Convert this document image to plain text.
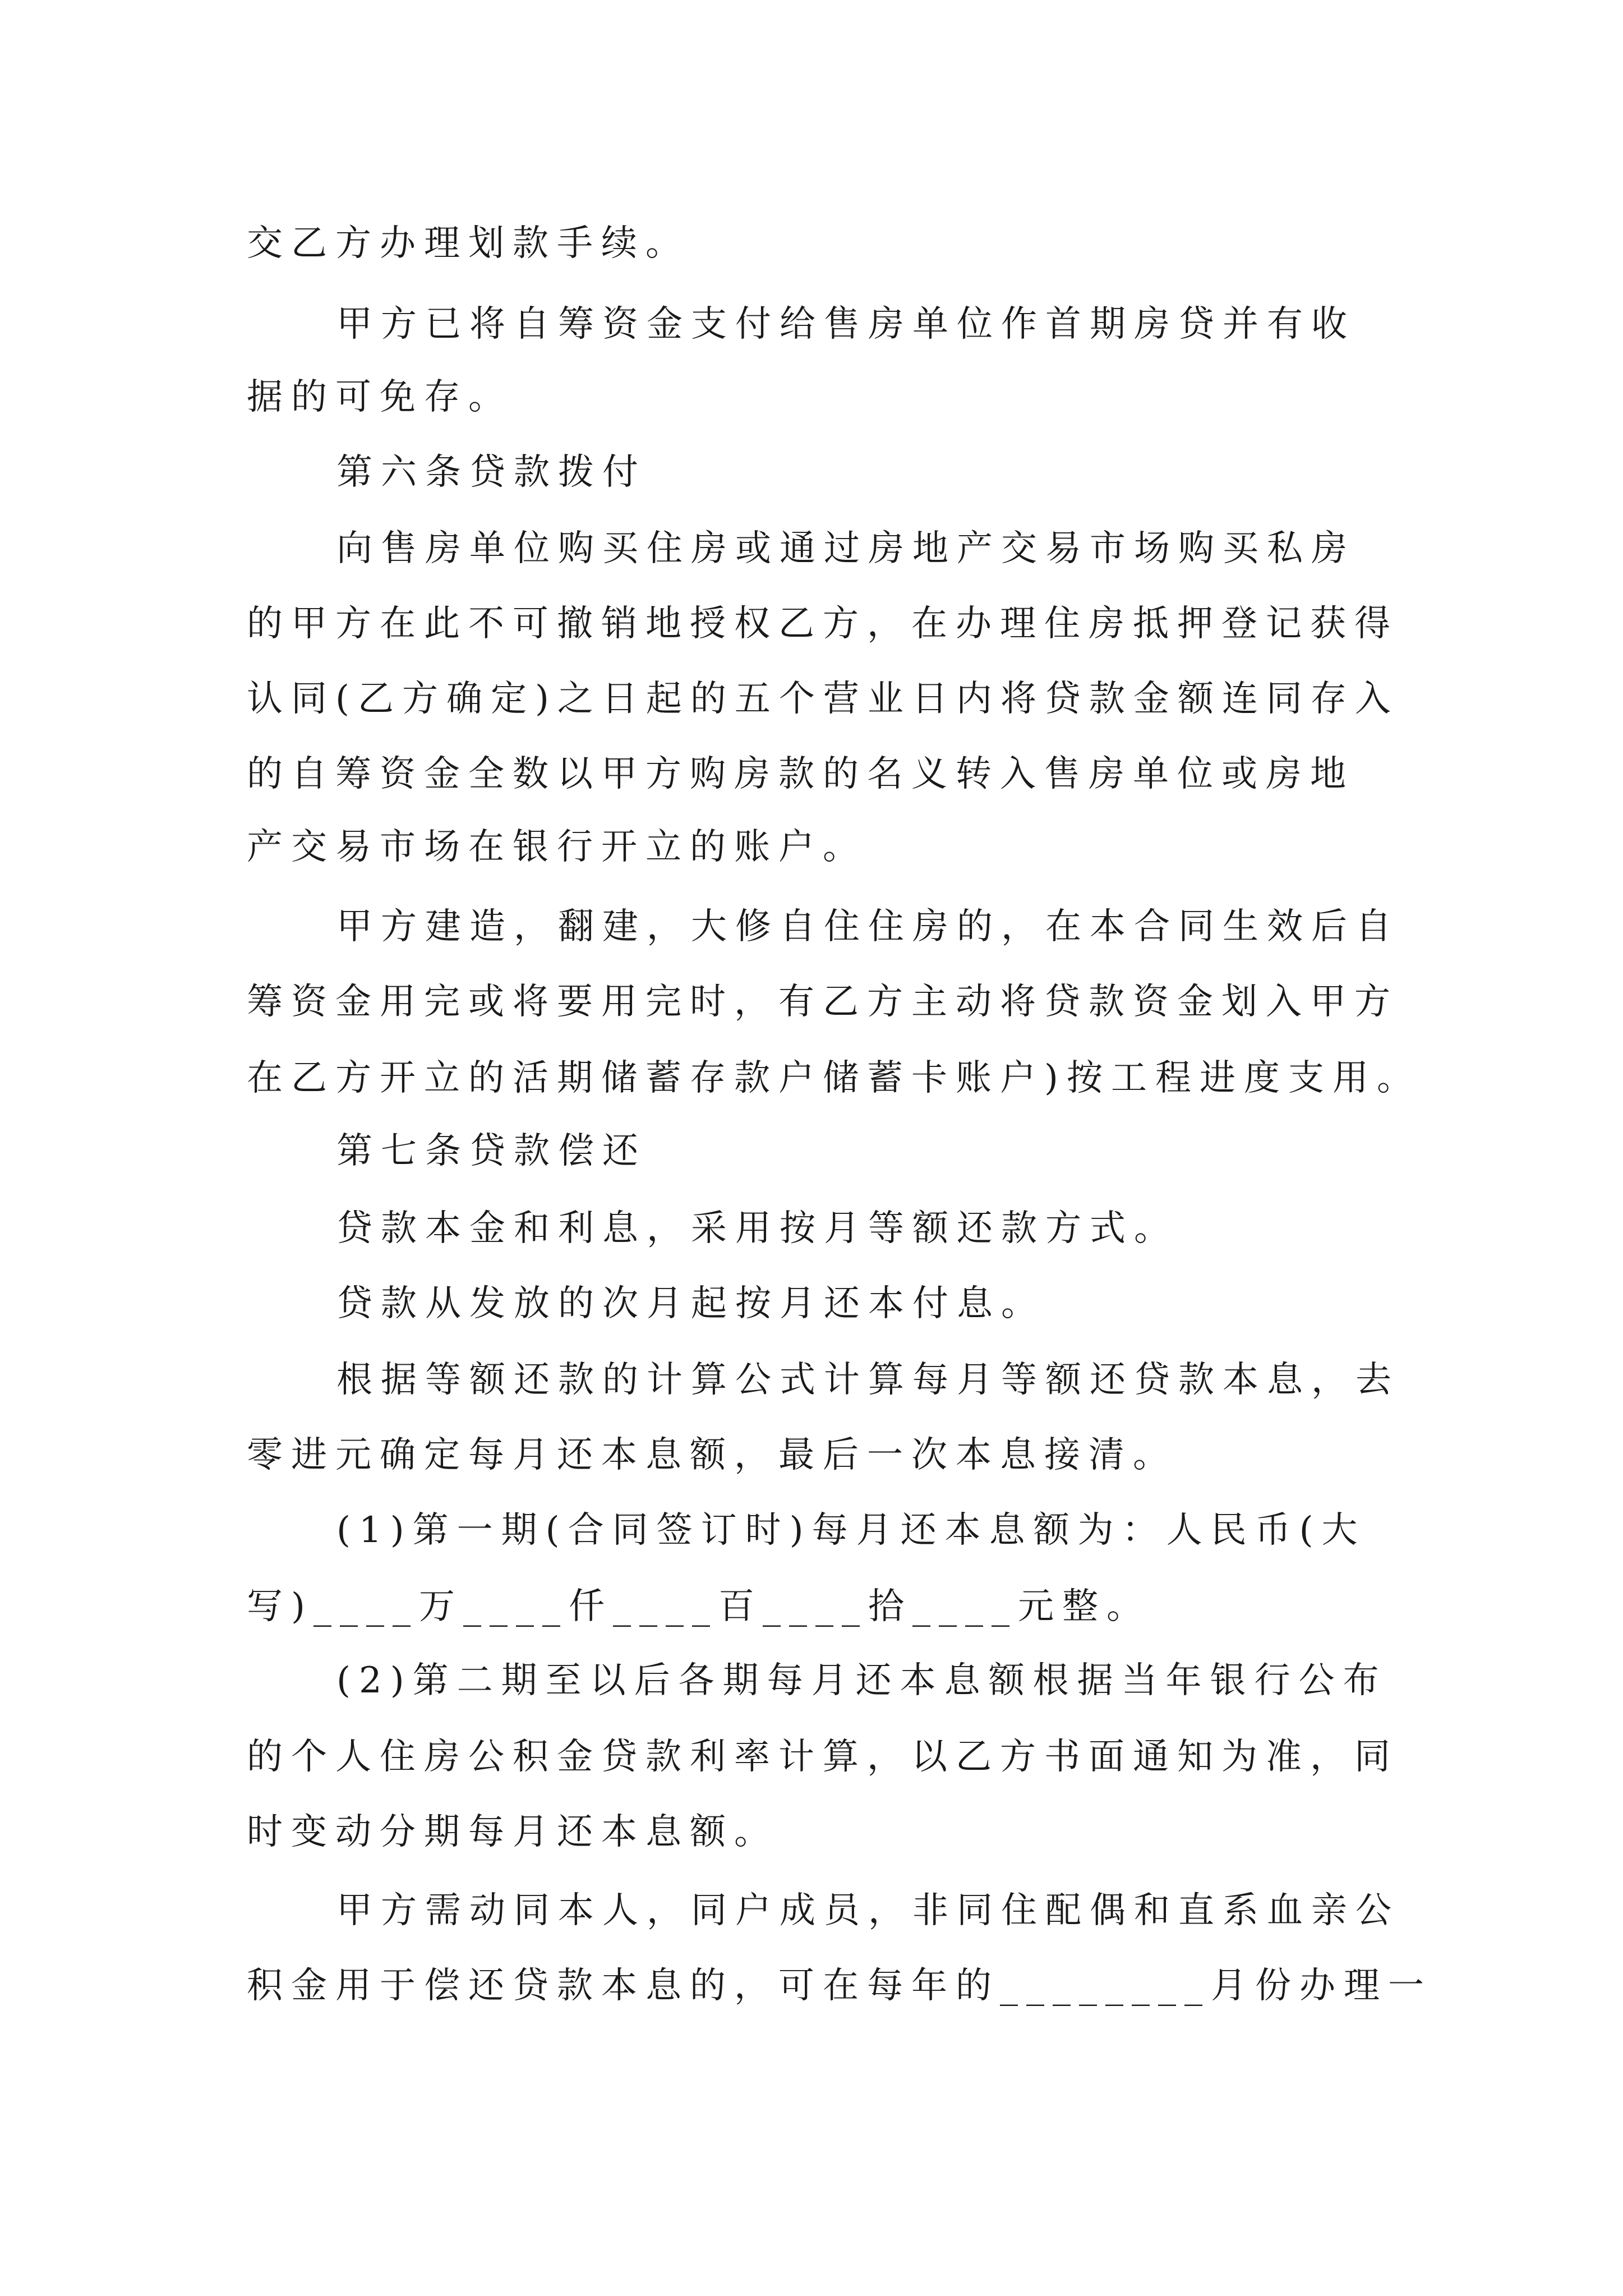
交乙方办理划款手续。
甲方已将自筹资金支付给售房单位作首期房贷并有收
据的可免存。
第六条贷款拨付
向售房单位购买住房或通过房地产交易市场购买私房
的甲方在此不可撤销地授权乙方，在办理住房抵押登记获得
认同(乙方确定)之日起的五个营业日内将贷款金额连同存入
的自筹资金全数以甲方购房款的名义转入售房单位或房地
产交易市场在银行开立的账户。
甲方建造，翻建，大修自住住房的，在本合同生效后自
筹资金用完或将要用完时，有乙方主动将贷款资金划入甲方
在乙方开立的活期储蓄存款户储蓄卡账户)按工程进度支用。
第七条贷款偿还
贷款本金和利息，采用按月等额还款方式。
贷款从发放的次月起按月还本付息。
根据等额还款的计算公式计算每月等额还贷款本息，去
零进元确定每月还本息额，最后一次本息接清。
(1)第一期(合同签订时)每月还本息额为：人民币(大
写)____万____仟____百____拾____元整。
(2)第二期至以后各期每月还本息额根据当年银行公布
的个人住房公积金贷款利率计算，以乙方书面通知为准，同
时变动分期每月还本息额。
甲方需动同本人，同户成员，非同住配偶和直系血亲公
积金用于偿还贷款本息的，可在每年的________月份办理一
